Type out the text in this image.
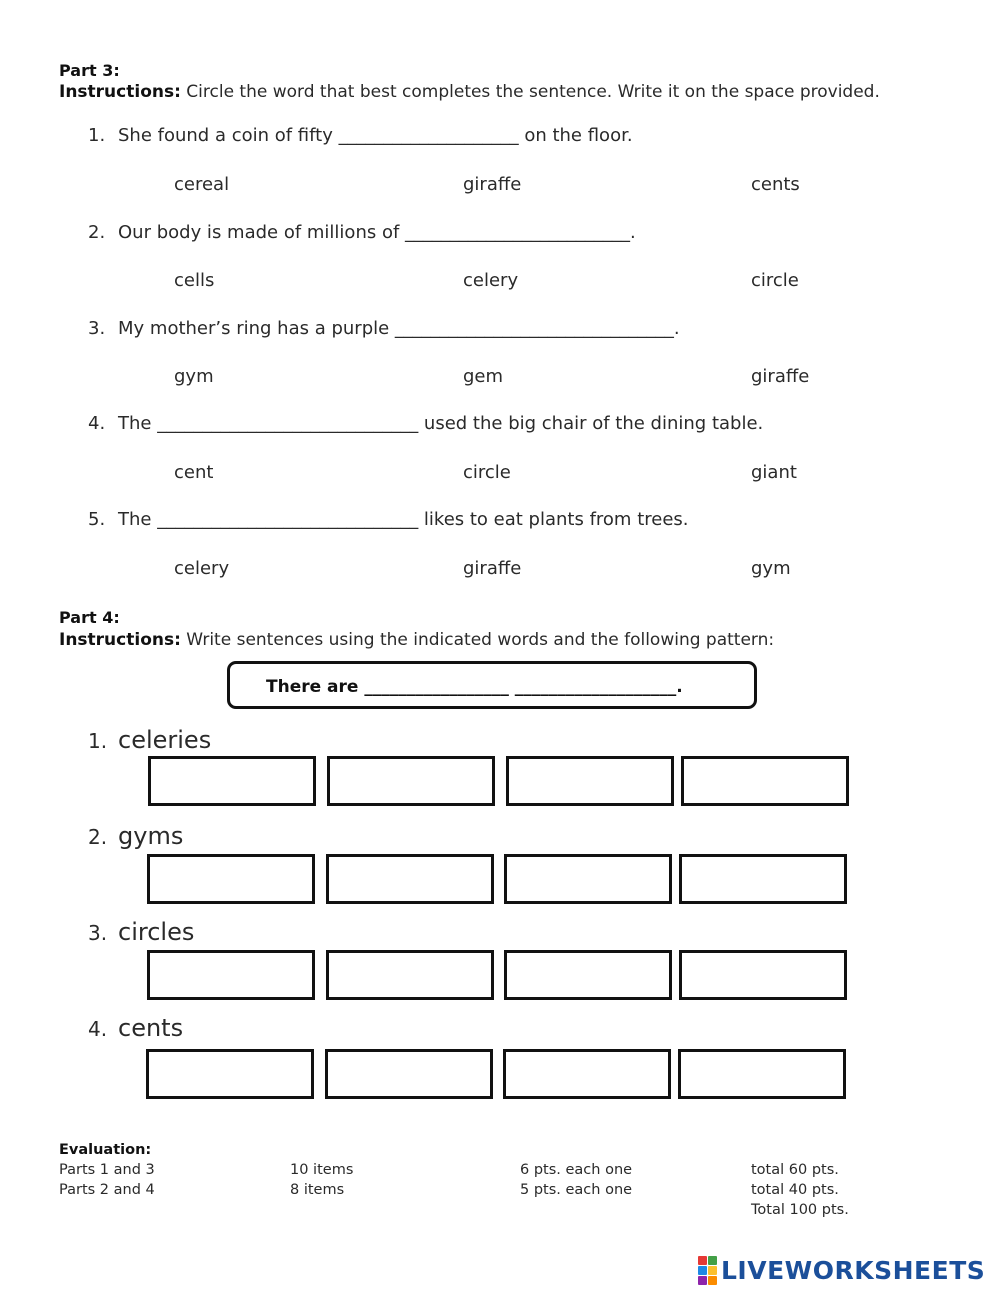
Part 3:
Instructions: Circle the word that best completes the sentence. Write it on the space provided.
1. She found a coin of fifty ____________________ on the floor.
cereal	giraffe	cents
2. Our body is made of millions of _________________________.
cells	celery	circle
3. My mother’s ring has a purple _______________________________.
gym	gem	giraffe
4. The _____________________________ used the big chair of the dining table.
cent	circle	giant
5. The _____________________________ likes to eat plants from trees.
celery	giraffe	gym
Part 4:
Instructions: Write sentences using the indicated words and the following pattern:
There are _________________ ___________________.
1. celeries
2. gyms
3. circles
4. cents
Evaluation:
Parts 1 and 3	10 items	6 pts. each one	total 60 pts.
Parts 2 and 4	8 items	5 pts. each one	total 40 pts.
Total 100 pts.
LIVEWORKSHEETS
